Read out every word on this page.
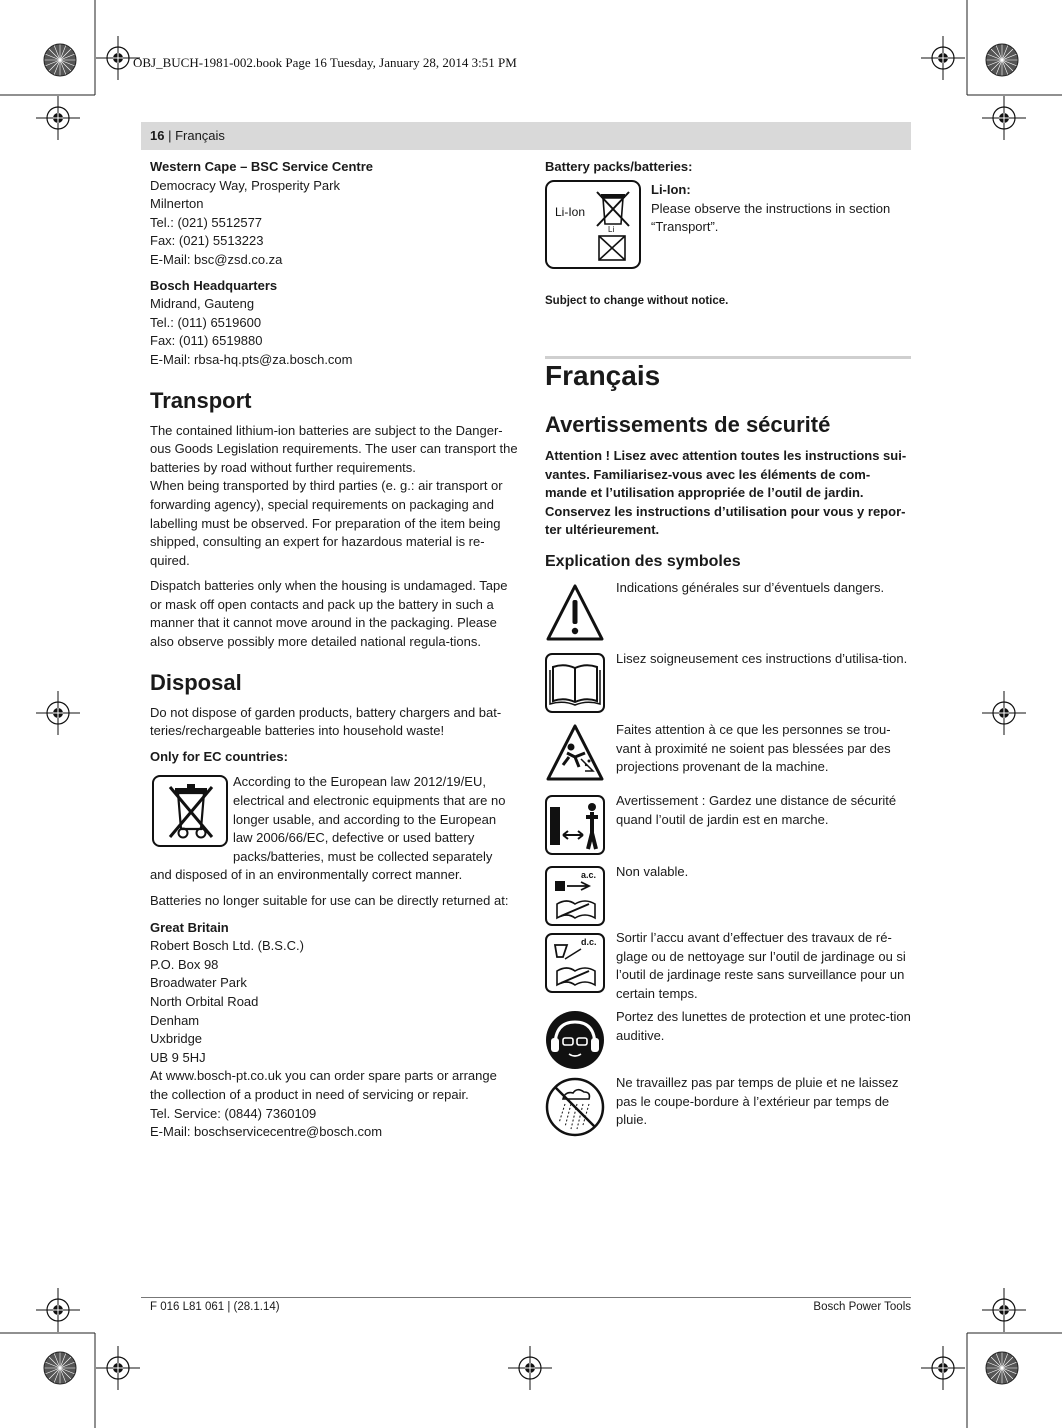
OBJ_BUCH-1981-002.book Page 16 Tuesday, January 28, 2014 3:51 PM
16 | Français
Western Cape – BSC Service Centre

Democracy Way, Prosperity Park

Milnerton

Tel.: (021) 5512577

Fax: (021) 5513223

E-Mail: bsc@zsd.co.za

Bosch Headquarters

Midrand, Gauteng

Tel.: (011) 6519600

Fax: (011) 6519880

E-Mail: rbsa-hq.pts@za.bosch.com

Transport

The contained lithium-ion batteries are subject to the Danger-ous Goods Legislation requirements. The user can transport the batteries by road without further requirements.

When being transported by third parties (e. g.: air transport or forwarding agency), special requirements on packaging and labelling must be observed. For preparation of the item being shipped, consulting an expert for hazardous material is re-quired.

Dispatch batteries only when the housing is undamaged. Tape or mask off open contacts and pack up the battery in such a manner that it cannot move around in the packaging. Please also observe possibly more detailed national regula-tions.

Disposal

Do not dispose of garden products, battery chargers and bat-teries/rechargeable batteries into household waste!

Only for EC countries:

According to the European law 2012/19/EU, electrical and electronic equipments that are no longer usable, and according to the European law 2006/66/EC, defective or used battery packs/batteries, must be collected separately

and disposed of in an environmentally correct manner.

Batteries no longer suitable for use can be directly returned at:

Great Britain

Robert Bosch Ltd. (B.S.C.)

P.O. Box 98

Broadwater Park

North Orbital Road

Denham

Uxbridge

UB 9 5HJ

At www.bosch-pt.co.uk you can order spare parts or arrange

the collection of a product in need of servicing or repair.

Tel. Service: (0844) 7360109

E-Mail: boschservicecentre@bosch.com

Battery packs/batteries:

Li-Ion
Li
Li-Ion:

Please observe the instructions in section “Transport”.

Subject to change without notice.
Français
Avertissements de sécurité

Attention ! Lisez avec attention toutes les instructions sui-vantes. Familiarisez-vous avec les éléments de com-mande et l’utilisation appropriée de l’outil de jardin. Conservez les instructions d’utilisation pour vous y repor-ter ultérieurement.

Explication des symboles
a.c.
d.c.

Indications générales sur d’éventuels dangers.

Lisez soigneusement ces instructions d’utilisa-tion.

Faites attention à ce que les personnes se trou-vant à proximité ne soient pas blessées par des projections provenant de la machine.

Avertissement : Gardez une distance de sécurité quand l’outil de jardin est en marche.

Non valable.

Sortir l’accu avant d’effectuer des travaux de ré-glage ou de nettoyage sur l’outil de jardinage ou si l’outil de jardinage reste sans surveillance pour un certain temps.

Portez des lunettes de protection et une protec-tion auditive.

Ne travaillez pas par temps de pluie et ne laissez pas le coupe-bordure à l’extérieur par temps de pluie.

F 016 L81 061 | (28.1.14)	Bosch Power Tools
